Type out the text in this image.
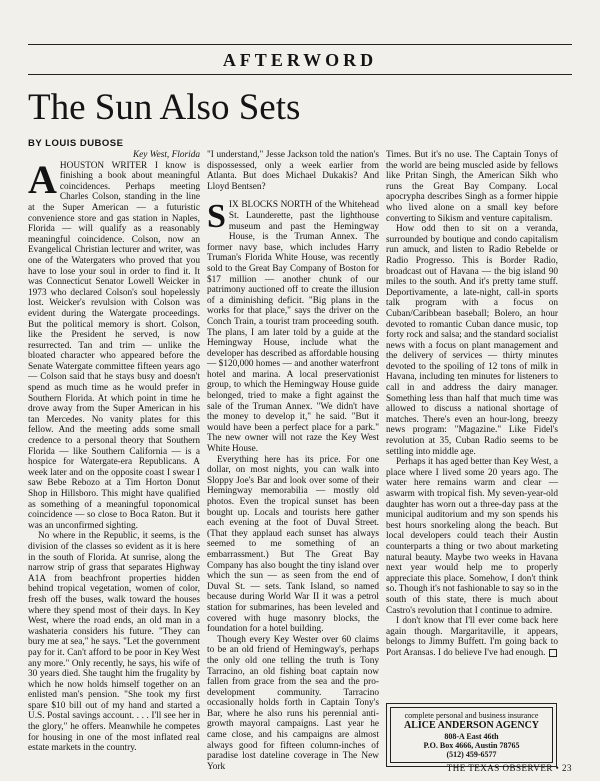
AFTERWORD
The Sun Also Sets
BY LOUIS DUBOSE
Key West, Florida

AHOUSTON WRITER I know is finishing a book about meaningful coincidences. Perhaps meeting Charles Colson, standing in the line at the Super American — a futuristic convenience store and gas station in Naples, Florida — will qualify as a reasonably meaningful coincidence. Colson, now an Evangelical Christian lecturer and writer, was one of the Watergaters who proved that you have to lose your soul in order to find it. It was Connecticut Senator Lowell Weicker in 1973 who declared Colson's soul hopelessly lost. Weicker's revulsion with Colson was evident during the Watergate proceedings. But the political memory is short. Colson, like the President he served, is now resurrected. Tan and trim — unlike the bloated character who appeared before the Senate Watergate committee fifteen years ago — Colson said that he stays busy and doesn't spend as much time as he would prefer in Southern Florida. At which point in time he drove away from the Super American in his tan Mercedes. No vanity plates for this fellow. And the meeting adds some small credence to a personal theory that Southern Florida — like Southern California — is a hospice for Watergate-era Republicans. A week later and on the opposite coast I swear I saw Bebe Rebozo at a Tim Horton Donut Shop in Hillsboro. This might have qualified as something of a meaningful toponomical coincidence — so close to Boca Raton. But it was an unconfirmed sighting.

No where in the Republic, it seems, is the division of the classes so evident as it is here in the south of Florida. At sunrise, along the narrow strip of grass that separates Highway A1A from beachfront properties hidden behind tropical vegetation, women of color, fresh off the buses, walk toward the houses where they spend most of their days. In Key West, where the road ends, an old man in a washateria considers his future. "They can bury me at sea," he says. "Let the government pay for it. Can't afford to be poor in Key West any more." Only recently, he says, his wife of 30 years died. She taught him the frugality by which he now holds himself together on an enlisted man's pension. "She took my first spare $10 bill out of my hand and started a U.S. Postal savings account. . . . I'll see her in the glory," he offers. Meanwhile he competes for housing in one of the most inflated real estate markets in the country.

"I understand," Jesse Jackson told the nation's dispossessed, only a week earlier from Atlanta. But does Michael Dukakis? And Lloyd Bentsen?

SIX BLOCKS NORTH of the Whitehead St. Launderette, past the lighthouse museum and past the Hemingway House, is the Truman Annex. The former navy base, which includes Harry Truman's Florida White House, was recently sold to the Great Bay Company of Boston for $17 million — another chunk of our patrimony auctioned off to create the illusion of a diminishing deficit. "Big plans in the works for that place," says the driver on the Conch Train, a tourist tram proceeding south. The plans, I am later told by a guide at the Hemingway House, include what the developer has described as affordable housing — $120,000 homes — and another waterfront hotel and marina. A local preservationist group, to which the Hemingway House guide belonged, tried to make a fight against the sale of the Truman Annex. "We didn't have the money to develop it," he said. "But it would have been a perfect place for a park." The new owner will not raze the Key West White House.

Everything here has its price. For one dollar, on most nights, you can walk into Sloppy Joe's Bar and look over some of their Hemingway memorabilia — mostly old photos. Even the tropical sunset has been bought up. Locals and tourists here gather each evening at the foot of Duval Street. (That they applaud each sunset has always seemed to me something of an embarrassment.) But The Great Bay Company has also bought the tiny island over which the sun — as seen from the end of Duval St. — sets. Tank Island, so named because during World War II it was a petrol station for submarines, has been leveled and covered with huge masonry blocks, the foundation for a hotel building.

Though every Key Wester over 60 claims to be an old friend of Hemingway's, perhaps the only old one telling the truth is Tony Tarracino, an old fishing boat captain now fallen from grace from the sea and the pro-development community. Tarracino occasionally holds forth in Captain Tony's Bar, where he also runs his perennial anti-growth mayoral campaigns. Last year he came close, and his campaigns are almost always good for fifteen column-inches of paradise lost dateline coverage in The New York

Times. But it's no use. The Captain Tonys of the world are being muscled aside by fellows like Pritan Singh, the American Sikh who runs the Great Bay Company. Local apocrypha describes Singh as a former hippie who lived alone on a small key before converting to Sikism and venture capitalism.

How odd then to sit on a veranda, surrounded by boutique and condo capitalism run amuck, and listen to Radio Rebelde or Radio Progresso. This is Border Radio, broadcast out of Havana — the big island 90 miles to the south. And it's pretty tame stuff. Deportivamente, a late-night, call-in sports talk program with a focus on Cuban/Caribbean baseball; Bolero, an hour devoted to romantic Cuban dance music, top forty rock and salsa; and the standard socialist news with a focus on plant management and the delivery of services — thirty minutes devoted to the spoiling of 12 tons of milk in Havana, including ten minutes for listeners to call in and address the dairy manager. Something less than half that much time was allowed to discuss a national shortage of matches. There's even an hour-long, breezy news program: "Magazine." Like Fidel's revolution at 35, Cuban Radio seems to be settling into middle age.

Perhaps it has aged better than Key West, a place where I lived some 20 years ago. The water here remains warm and clear — aswarm with tropical fish. My seven-year-old daughter has worn out a three-day pass at the municipal auditorium and my son spends his best hours snorkeling along the beach. But local developers could teach their Austin counterparts a thing or two about marketing natural beauty. Maybe two weeks in Havana next year would help me to properly appreciate this place. Somehow, I don't think so. Though it's not fashionable to say so in the south of this state, there is much about Castro's revolution that I continue to admire.

I don't know that I'll ever come back here again though. Margaritaville, it appears, belongs to Jimmy Buffett. I'm going back to Port Aransas. I do believe I've had enough.

complete personal and business insurance
ALICE ANDERSON AGENCY
808-A East 46th
P.O. Box 4666, Austin 78765
(512) 459-6577
THE TEXAS OBSERVER • 23
